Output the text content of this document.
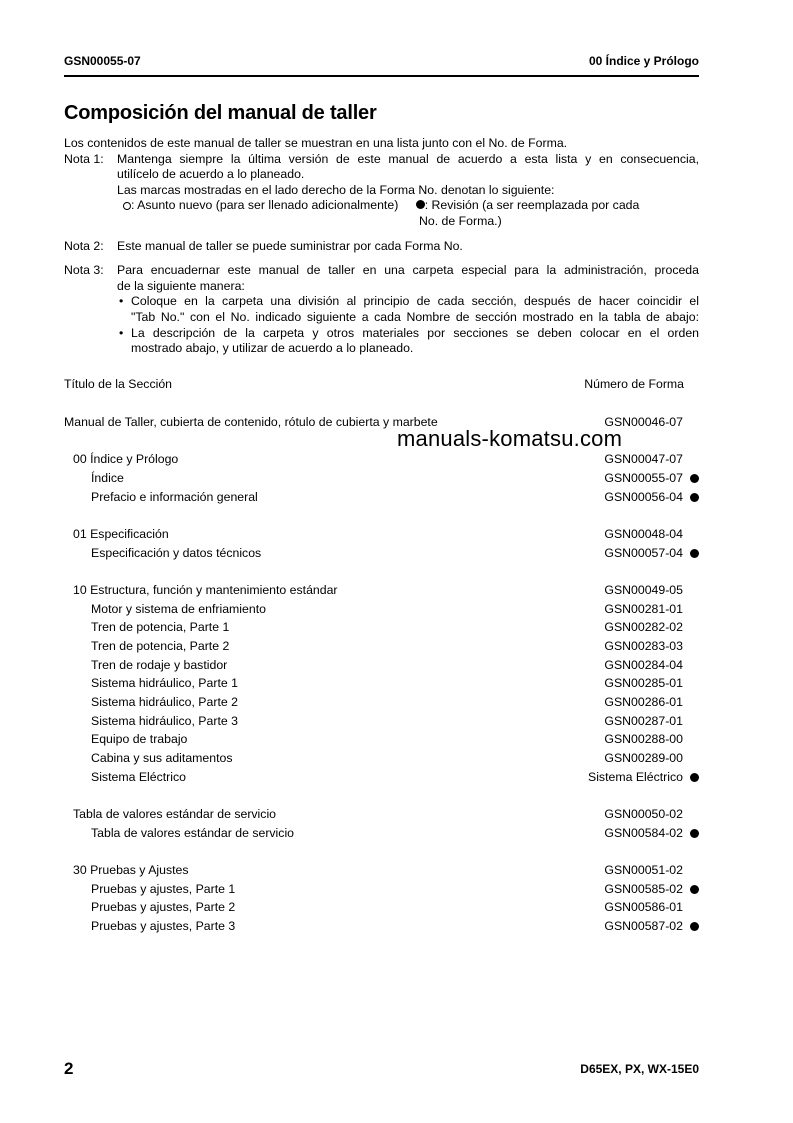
GSN00055-07	00 Índice y Prólogo
Composición del manual de taller
Los contenidos de este manual de taller se muestran en una lista junto con el No. de Forma.
Nota 1:	Mantenga siempre la última versión de este manual de acuerdo a esta lista y en consecuencia,
utilícelo de acuerdo a lo planeado.
Las marcas mostradas en el lado derecho de la Forma No. denotan lo siguiente:
: Asunto nuevo (para ser llenado adicionalmente) : Revisión (a ser reemplazada por cada
No. de Forma.)
Nota 2:	Este manual de taller se puede suministrar por cada Forma No.
Nota 3:	Para encuadernar este manual de taller en una carpeta especial para la administración, proceda
de la siguiente manera:
• Coloque en la carpeta una división al principio de cada sección, después de hacer coincidir el
"Tab No." con el No. indicado siguiente a cada Nombre de sección mostrado en la tabla de abajo:
• La descripción de la carpeta y otros materiales por secciones se deben colocar en el orden
mostrado abajo, y utilizar de acuerdo a lo planeado.
Título de la Sección	Número de Forma
manuals-komatsu.com
Manual de Taller, cubierta de contenido, rótulo de cubierta y marbete	GSN00046-07
00 Índice y Prólogo	GSN00047-07
Índice	GSN00055-07
Prefacio e información general	GSN00056-04
01 Especificación	GSN00048-04
Especificación y datos técnicos	GSN00057-04
10 Estructura, función y mantenimiento estándar	GSN00049-05
Motor y sistema de enfriamiento	GSN00281-01
Tren de potencia, Parte 1	GSN00282-02
Tren de potencia, Parte 2	GSN00283-03
Tren de rodaje y bastidor	GSN00284-04
Sistema hidráulico, Parte 1	GSN00285-01
Sistema hidráulico, Parte 2	GSN00286-01
Sistema hidráulico, Parte 3	GSN00287-01
Equipo de trabajo	GSN00288-00
Cabina y sus aditamentos	GSN00289-00
Sistema Eléctrico	Sistema Eléctrico
Tabla de valores estándar de servicio	GSN00050-02
Tabla de valores estándar de servicio	GSN00584-02
30 Pruebas y Ajustes	GSN00051-02
Pruebas y ajustes, Parte 1	GSN00585-02
Pruebas y ajustes, Parte 2	GSN00586-01
Pruebas y ajustes, Parte 3	GSN00587-02
2	D65EX, PX, WX-15E0
